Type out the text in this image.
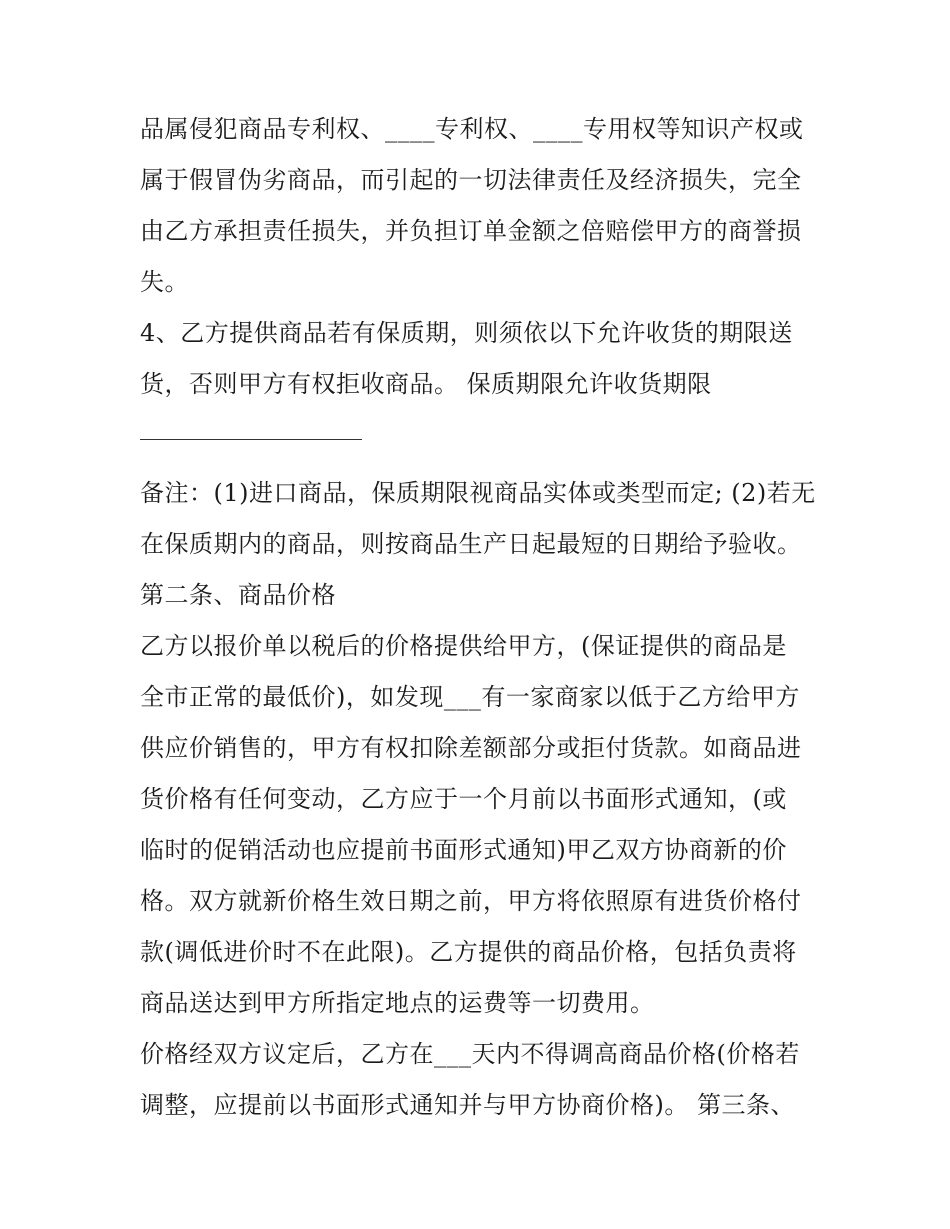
品属侵犯商品专利权、____专利权、____专用权等知识产权或
属于假冒伪劣商品，而引起的一切法律责任及经济损失，完全
由乙方承担责任损失，并负担订单金额之倍赔偿甲方的商誉损
失。
4、乙方提供商品若有保质期，则须依以下允许收货的期限送
货，否则甲方有权拒收商品。 保质期限允许收货期限
备注：(1)进口商品，保质期限视商品实体或类型而定; (2)若无
在保质期内的商品，则按商品生产日起最短的日期给予验收。
第二条、商品价格
乙方以报价单以税后的价格提供给甲方，(保证提供的商品是
全市正常的最低价)，如发现___有一家商家以低于乙方给甲方
供应价销售的，甲方有权扣除差额部分或拒付货款。如商品进
货价格有任何变动，乙方应于一个月前以书面形式通知，(或
临时的促销活动也应提前书面形式通知)甲乙双方协商新的价
格。双方就新价格生效日期之前，甲方将依照原有进货价格付
款(调低进价时不在此限)。乙方提供的商品价格，包括负责将
商品送达到甲方所指定地点的运费等一切费用。
价格经双方议定后，乙方在___天内不得调高商品价格(价格若
调整，应提前以书面形式通知并与甲方协商价格)。 第三条、
